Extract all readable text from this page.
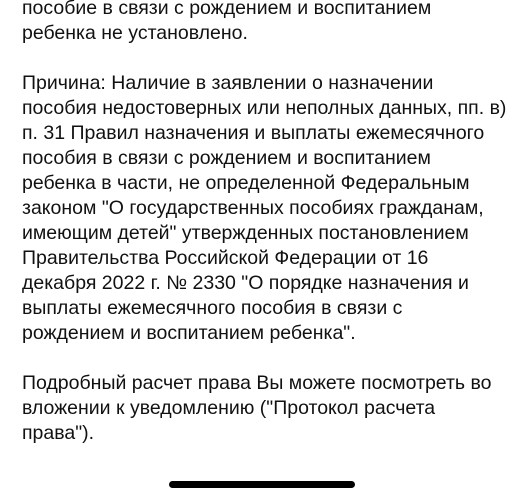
пособие в связи с рождением и воспитанием
ребенка не установлено.

Причина: Наличие в заявлении о назначении
пособия недостоверных или неполных данных, пп. в)
п. 31 Правил назначения и выплаты ежемесячного
пособия в связи с рождением и воспитанием
ребенка в части, не определенной Федеральным
законом "О государственных пособиях гражданам,
имеющим детей" утвержденных постановлением
Правительства Российской Федерации от 16
декабря 2022 г. № 2330 "О порядке назначения и
выплаты ежемесячного пособия в связи с
рождением и воспитанием ребенка".

Подробный расчет права Вы можете посмотреть во
вложении к уведомлению ("Протокол расчета
права").
